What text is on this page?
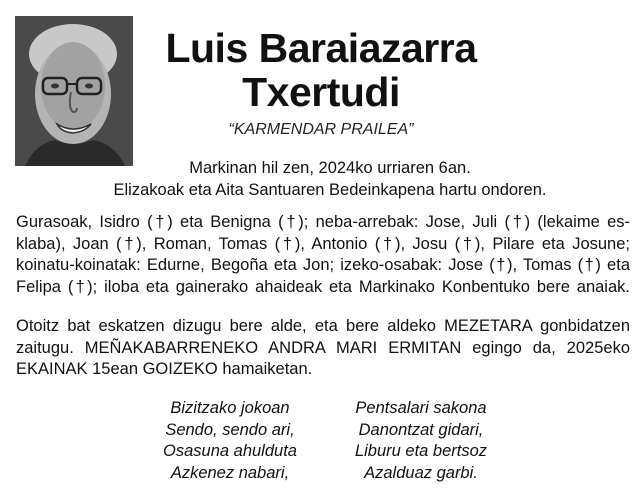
Luis Baraiazarra
Txertudi
“KARMENDAR PRAILEA”
Markinan hil zen, 2024ko urriaren 6an.
Elizakoak eta Aita Santuaren Bedeinkapena hartu ondoren.
Gurasoak, Isidro (†) eta Benigna (†); neba-arrebak: Jose, Juli (†) (lekaime es-
klaba), Joan (†), Roman, Tomas (†), Antonio (†), Josu (†), Pilare eta Josune;
koinatu-koinatak: Edurne, Begoña eta Jon; izeko-osabak: Jose (†), Tomas (†) eta
Felipa (†); iloba eta gainerako ahaideak eta Markinako Konbentuko bere anaiak.
Otoitz bat eskatzen dizugu bere alde, eta bere aldeko MEZETARA gonbidatzen
zaitugu. MEÑAKABARRENEKO ANDRA MARI ERMITAN egingo da, 2025eko
EKAINAK 15ean GOIZEKO hamaiketan.
Bizitzako jokoan
Sendo, sendo ari,
Osasuna ahulduta
Azkenez nabari,
Pentsalari sakona
Danontzat gidari,
Liburu eta bertsoz
Azalduaz garbi.
